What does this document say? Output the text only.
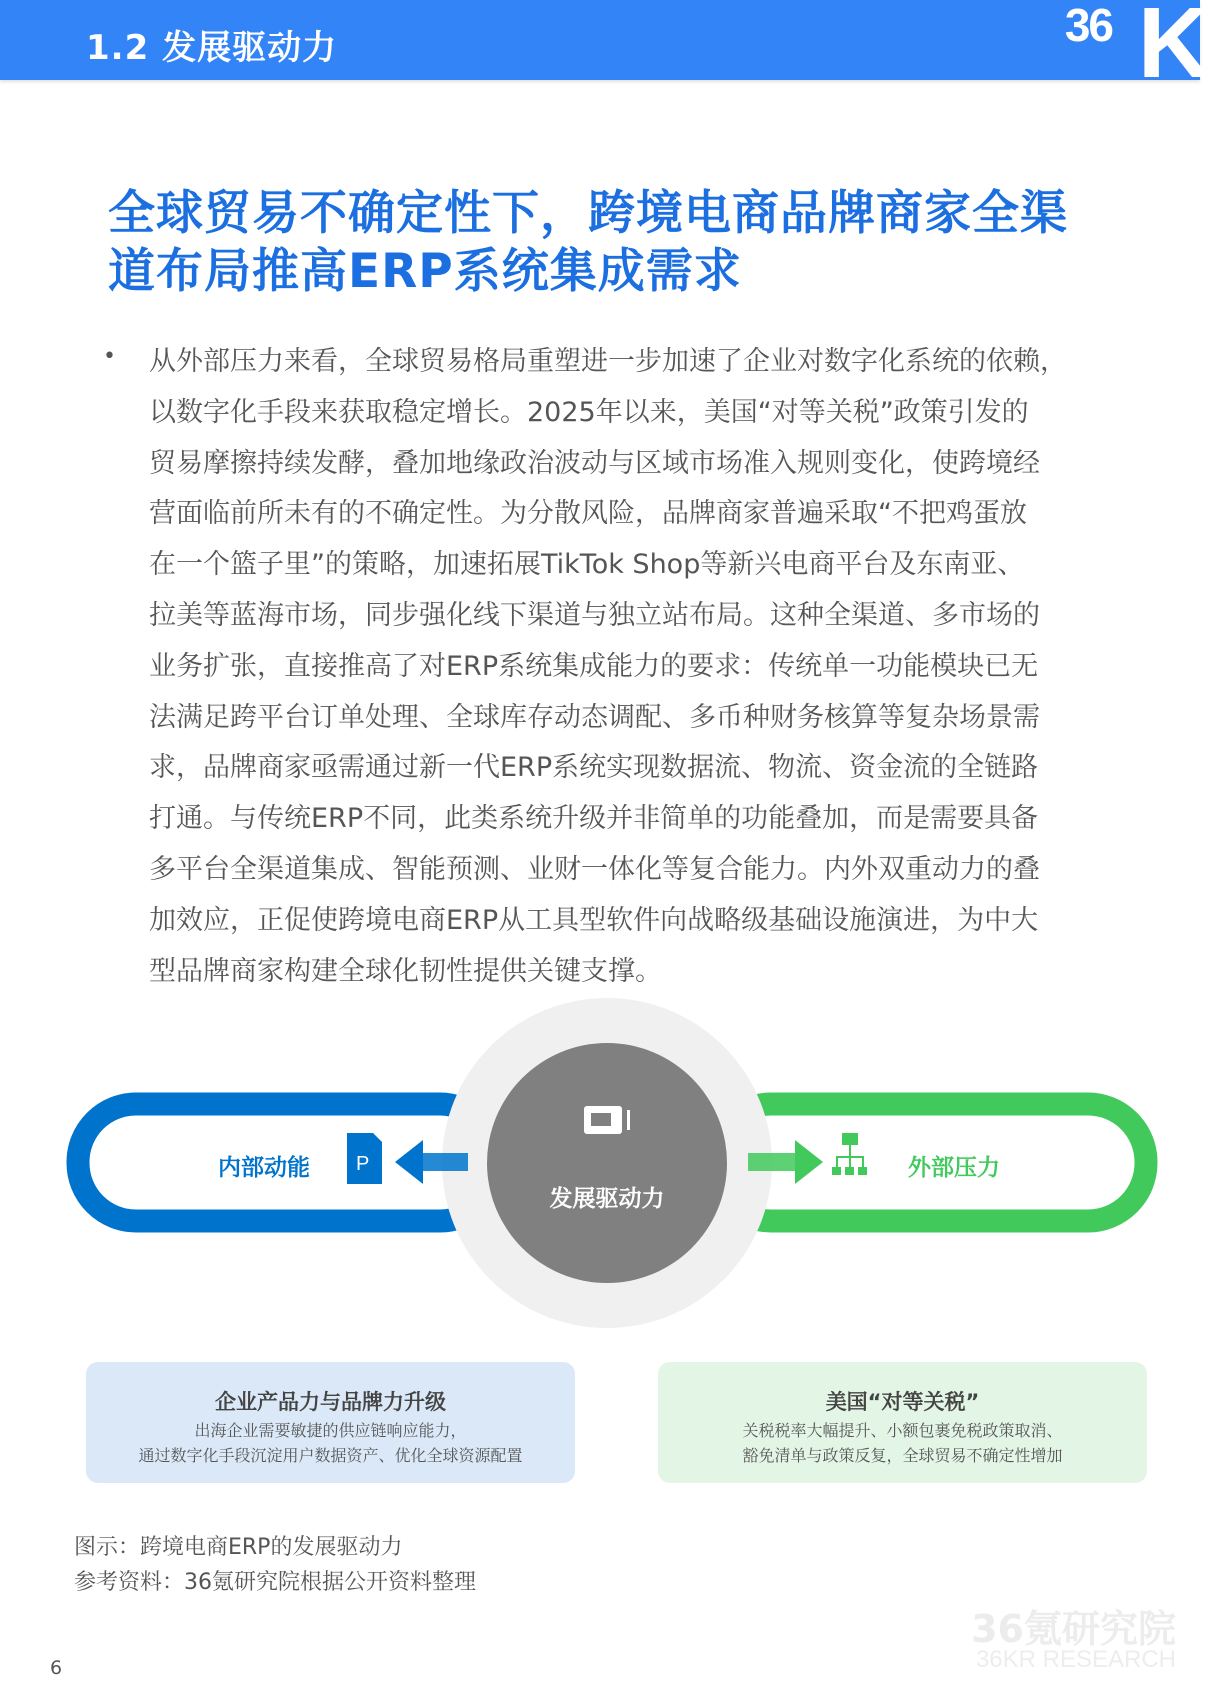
1.2 发展驱动力	36 K
全球贸易不确定性下，跨境电商品牌商家全渠
道布局推高ERP系统集成需求
• 从外部压力来看，全球贸易格局重塑进一步加速了企业对数字化系统的依赖，
以数字化手段来获取稳定增长。2025年以来，美国“对等关税”政策引发的
贸易摩擦持续发酵，叠加地缘政治波动与区域市场准入规则变化，使跨境经
营面临前所未有的不确定性。为分散风险，品牌商家普遍采取“不把鸡蛋放
在一个篮子里”的策略，加速拓展TikTok Shop等新兴电商平台及东南亚、
拉美等蓝海市场，同步强化线下渠道与独立站布局。这种全渠道、多市场的
业务扩张，直接推高了对ERP系统集成能力的要求：传统单一功能模块已无
法满足跨平台订单处理、全球库存动态调配、多币种财务核算等复杂场景需
求，品牌商家亟需通过新一代ERP系统实现数据流、物流、资金流的全链路
打通。与传统ERP不同，此类系统升级并非简单的功能叠加，而是需要具备
多平台全渠道集成、智能预测、业财一体化等复合能力。内外双重动力的叠
加效应，正促使跨境电商ERP从工具型软件向战略级基础设施演进，为中大
型品牌商家构建全球化韧性提供关键支撑。
P
内部动能	外部压力
发展驱动力
企业产品力与品牌力升级
出海企业需要敏捷的供应链响应能力，
通过数字化手段沉淀用户数据资产、优化全球资源配置
美国“对等关税”
关税税率大幅提升、小额包裹免税政策取消、
豁免清单与政策反复，全球贸易不确定性增加
图示：跨境电商ERP的发展驱动力
参考资料：36氪研究院根据公开资料整理
36氪研究院
36KR RESEARCH
6
